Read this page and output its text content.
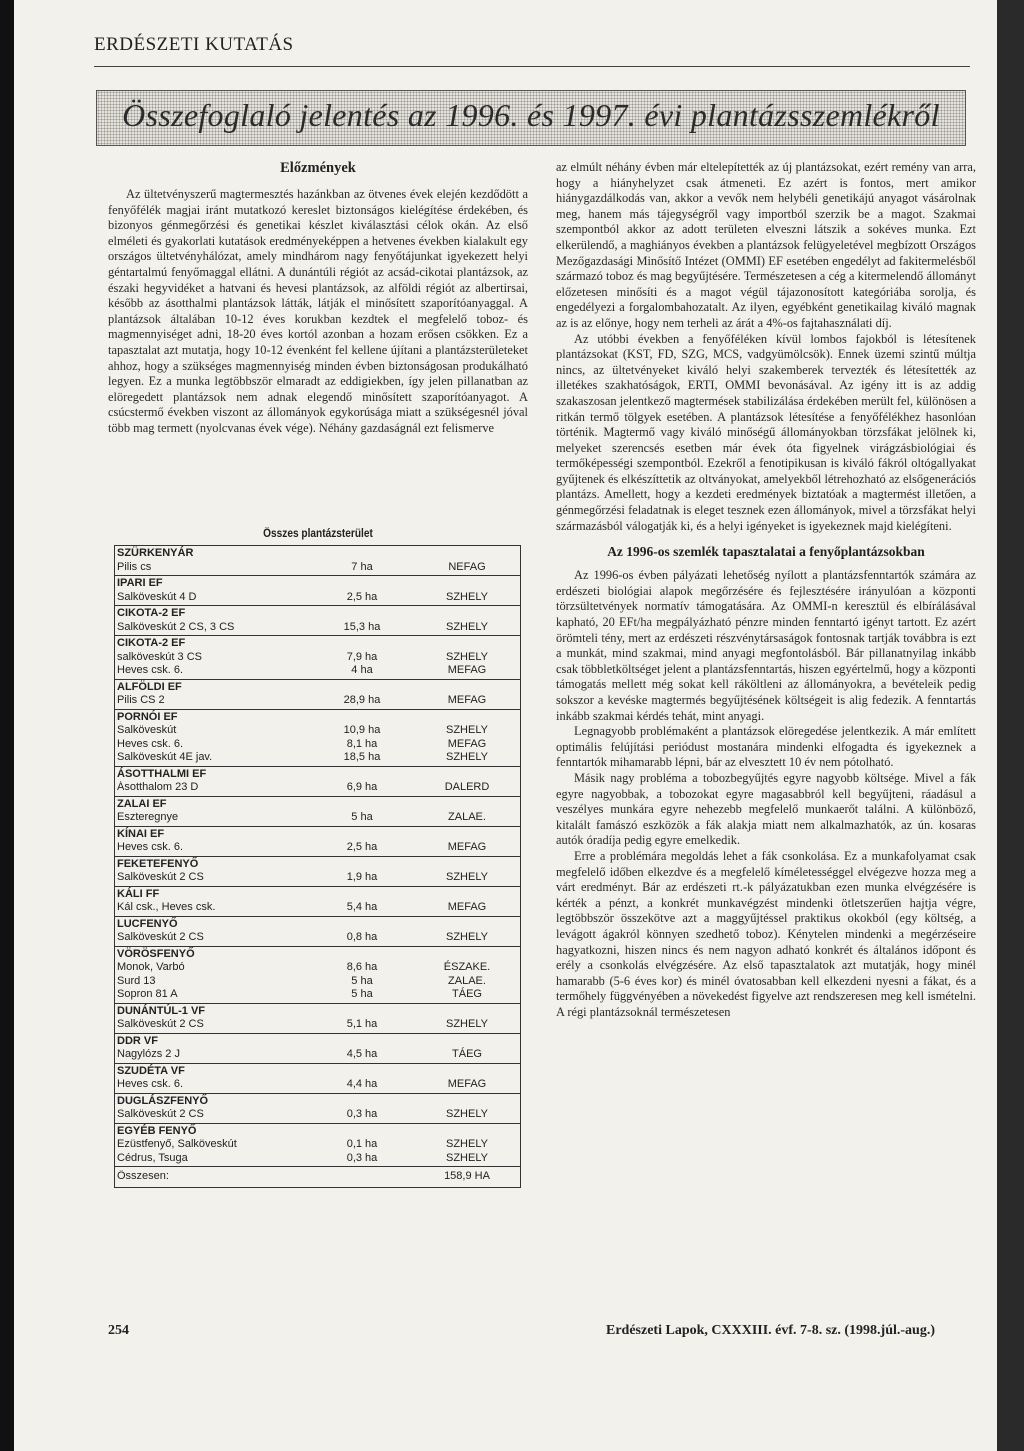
ERDÉSZETI KUTATÁS
Összefoglaló jelentés az 1996. és 1997. évi plantázsszemlékről
Előzmények

Az ültetvényszerű magtermesztés hazánkban az ötvenes évek elején kezdődött a fenyőfélék magjai iránt mutatkozó kereslet biztonságos kielégítése érdekében, és bizonyos génmegőrzési és genetikai készlet kiválasztási célok okán. Az első elméleti és gyakorlati kutatások eredményeképpen a hetvenes években kialakult egy országos ültetvényhálózat, amely mindhárom nagy fenyőtájunkat igyekezett helyi géntartalmú fenyőmaggal ellátni. A dunántúli régiót az acsád-cikotai plantázsok, az északi hegyvidéket a hatvani és hevesi plantázsok, az alföldi régiót az albertirsai, később az ásotthalmi plantázsok látták, látják el minősített szaporítóanyaggal. A plantázsok általában 10-12 éves korukban kezdtek el megfelelő toboz- és magmennyiséget adni, 18-20 éves kortól azonban a hozam erősen csökken. Ez a tapasztalat azt mutatja, hogy 10-12 évenként fel kellene újítani a plantázsterületeket ahhoz, hogy a szükséges magmennyiség minden évben biztonságosan produkálható legyen. Ez a munka legtöbbször elmaradt az eddigiekben, így jelen pillanatban az elöregedett plantázsok nem adnak elegendő minősített szaporítóanyagot. A csúcstermő években viszont az állományok egykorúsága miatt a szükségesnél jóval több mag termett (nyolcvanas évek vége). Néhány gazdaságnál ezt felismerve

Összes plantázsterület
SZÜRKENYÁR
Pilis cs	7 ha	NEFAG
IPARI EF
Salköveskút 4 D	2,5 ha	SZHELY
CIKOTA-2 EF
Salköveskút 2 CS, 3 CS	15,3 ha	SZHELY
CIKOTA-2 EF
salköveskút 3 CS	7,9 ha	SZHELY
Heves csk. 6.	4 ha	MEFAG
ALFÖLDI EF
Pilis CS 2	28,9 ha	MEFAG
PORNÓI EF
Salköveskút	10,9 ha	SZHELY
Heves csk. 6.	8,1 ha	MEFAG
Salköveskút 4E jav.	18,5 ha	SZHELY
ÁSOTTHALMI EF
Ásotthalom 23 D	6,9 ha	DALERD
ZALAI EF
Eszteregnye	5 ha	ZALAE.
KÍNAI EF
Heves csk. 6.	2,5 ha	MEFAG
FEKETEFENYŐ
Salköveskút 2 CS	1,9 ha	SZHELY
KÁLI FF
Kál csk., Heves csk.	5,4 ha	MEFAG
LUCFENYŐ
Salköveskút 2 CS	0,8 ha	SZHELY
VÖRÖSFENYŐ
Monok, Varbó	8,6 ha	ÉSZAKE.
Surd 13	5 ha	ZALAE.
Sopron 81 A	5 ha	TÁEG
DUNÁNTÚL-1 VF
Salköveskút 2 CS	5,1 ha	SZHELY
DDR VF
Nagylózs 2 J	4,5 ha	TÁEG
SZUDÉTA VF
Heves csk. 6.	4,4 ha	MEFAG
DUGLÁSZFENYŐ
Salköveskút 2 CS	0,3 ha	SZHELY
EGYÉB FENYŐ
Ezüstfenyő, Salköveskút	0,1 ha	SZHELY
Cédrus, Tsuga	0,3 ha	SZHELY
Összesen:	158,9 HA

az elmúlt néhány évben már eltelepítették az új plantázsokat, ezért remény van arra, hogy a hiányhelyzet csak átmeneti. Ez azért is fontos, mert amikor hiánygazdálkodás van, akkor a vevők nem helybéli genetikájú anyagot vásárolnak meg, hanem más tájegységről vagy importból szerzik be a magot. Szakmai szempontból akkor az adott területen elveszni látszik a sokéves munka. Ezt elkerülendő, a maghiányos években a plantázsok felügyeletével megbízott Országos Mezőgazdasági Minősítő Intézet (OMMI) EF esetében engedélyt ad fakitermelésből származó toboz és mag begyűjtésére. Természetesen a cég a kitermelendő állományt előzetesen minősíti és a magot végül tájazonosított kategóriába sorolja, és engedélyezi a forgalombahozatalt. Az ilyen, egyébként genetikailag kiváló magnak az is az előnye, hogy nem terheli az árát a 4%-os fajtahasználati díj.

Az utóbbi években a fenyőféléken kívül lombos fajokból is létesítenek plantázsokat (KST, FD, SZG, MCS, vadgyümölcsök). Ennek üzemi szintű múltja nincs, az ültetvényeket kiváló helyi szakemberek tervezték és létesítették az illetékes szakhatóságok, ERTI, OMMI bevonásával. Az igény itt is az addig szakaszosan jelentkező magtermések stabilizálása érdekében merült fel, különösen a ritkán termő tölgyek esetében. A plantázsok létesítése a fenyőfélékhez hasonlóan történik. Magtermő vagy kiváló minőségű állományokban törzsfákat jelölnek ki, melyeket szerencsés esetben már évek óta figyelnek virágzásbiológiai és termőképességi szempontból. Ezekről a fenotipikusan is kiváló fákról oltógallyakat gyűjtenek és elkészíttetik az oltványokat, amelyekből létrehozható az elsőgenerációs plantázs. Amellett, hogy a kezdeti eredmények biztatóak a magtermést illetően, a génmegőrzési feladatnak is eleget tesznek ezen állományok, mivel a törzsfákat helyi származásból válogatják ki, és a helyi igényeket is igyekeznek majd kielégíteni.

Az 1996-os szemlék tapasztalatai a fenyőplantázsokban

Az 1996-os évben pályázati lehetőség nyílott a plantázsfenntartók számára az erdészeti biológiai alapok megőrzésére és fejlesztésére irányulóan a központi törzsültetvények normatív támogatására. Az OMMI-n keresztül és elbírálásával kapható, 20 EFt/ha megpályázható pénzre minden fenntartó igényt tartott. Ez azért örömteli tény, mert az erdészeti részvénytársaságok fontosnak tartják továbbra is ezt a munkát, mind szakmai, mind anyagi megfontolásból. Bár pillanatnyilag inkább csak többletköltséget jelent a plantázsfenntartás, hiszen egyértelmű, hogy a központi támogatás mellett még sokat kell ráköltleni az állományokra, a bevételeik pedig sokszor a kevéske magtermés begyűjtésének költségeit is alig fedezik. A fenntartás inkább szakmai kérdés tehát, mint anyagi.

Legnagyobb problémaként a plantázsok elöregedése jelentkezik. A már említett optimális felújítási periódust mostanára mindenki elfogadta és igyekeznek a fenntartók mihamarabb lépni, bár az elvesztett 10 év nem pótolható.

Másik nagy probléma a tobozbegyűjtés egyre nagyobb költsége. Mivel a fák egyre nagyobbak, a tobozokat egyre magasabbról kell begyűjteni, ráadásul a veszélyes munkára egyre nehezebb megfelelő munkaerőt találni. A különböző, kitalált famászó eszközök a fák alakja miatt nem alkalmazhatók, az ún. kosaras autók óradíja pedig egyre emelkedik.

Erre a problémára megoldás lehet a fák csonkolása. Ez a munkafolyamat csak megfelelő időben elkezdve és a megfelelő kíméletességgel elvégezve hozza meg a várt eredményt. Bár az erdészeti rt.-k pályázatukban ezen munka elvégzésére is kérték a pénzt, a konkrét munkavégzést mindenki ötletszerűen hajtja végre, legtöbbször összekötve azt a maggyűjtéssel praktikus okokból (egy költség, a levágott ágakról könnyen szedhető toboz). Kénytelen mindenki a megérzéseire hagyatkozni, hiszen nincs és nem nagyon adható konkrét és általános időpont és erély a csonkolás elvégzésére. Az első tapasztalatok azt mutatják, hogy minél hamarabb (5-6 éves kor) és minél óvatosabban kell elkezdeni nyesni a fákat, és a termőhely függvényében a növekedést figyelve azt rendszeresen meg kell ismételni. A régi plantázsoknál természetesen

254	Erdészeti Lapok, CXXXIII. évf. 7-8. sz. (1998.júl.-aug.)
